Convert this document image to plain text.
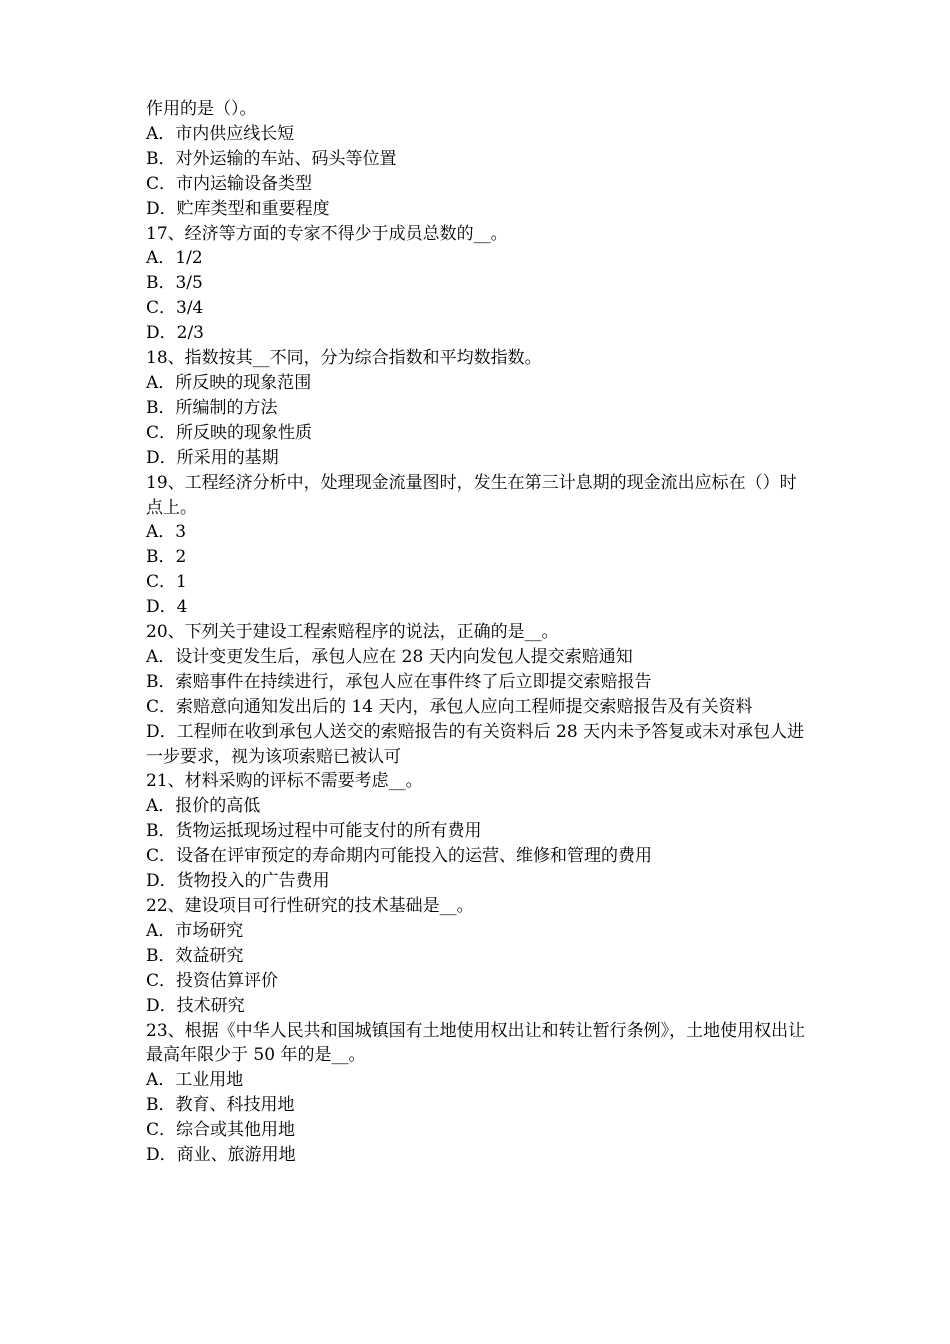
作用的是（）。

A．市内供应线长短

B．对外运输的车站、码头等位置

C．市内运输设备类型

D．贮库类型和重要程度

17、经济等方面的专家不得少于成员总数的__。

A．1/2

B．3/5

C．3/4

D．2/3

18、指数按其__不同，分为综合指数和平均数指数。

A．所反映的现象范围

B．所编制的方法

C．所反映的现象性质

D．所采用的基期

19、工程经济分析中，处理现金流量图时，发生在第三计息期的现金流出应标在（）时点上。

A．3

B．2

C．1

D．4

20、下列关于建设工程索赔程序的说法，正确的是__。

A．设计变更发生后，承包人应在 28 天内向发包人提交索赔通知

B．索赔事件在持续进行，承包人应在事件终了后立即提交索赔报告

C．索赔意向通知发出后的 14 天内，承包人应向工程师提交索赔报告及有关资料

D．工程师在收到承包人送交的索赔报告的有关资料后 28 天内未予答复或未对承包人进一步要求，视为该项索赔已被认可

21、材料采购的评标不需要考虑__。

A．报价的高低

B．货物运抵现场过程中可能支付的所有费用

C．设备在评审预定的寿命期内可能投入的运营、维修和管理的费用

D．货物投入的广告费用

22、建设项目可行性研究的技术基础是__。

A．市场研究

B．效益研究

C．投资估算评价

D．技术研究

23、根据《中华人民共和国城镇国有土地使用权出让和转让暂行条例》，土地使用权出让最高年限少于 50 年的是__。

A．工业用地

B．教育、科技用地

C．综合或其他用地

D．商业、旅游用地
